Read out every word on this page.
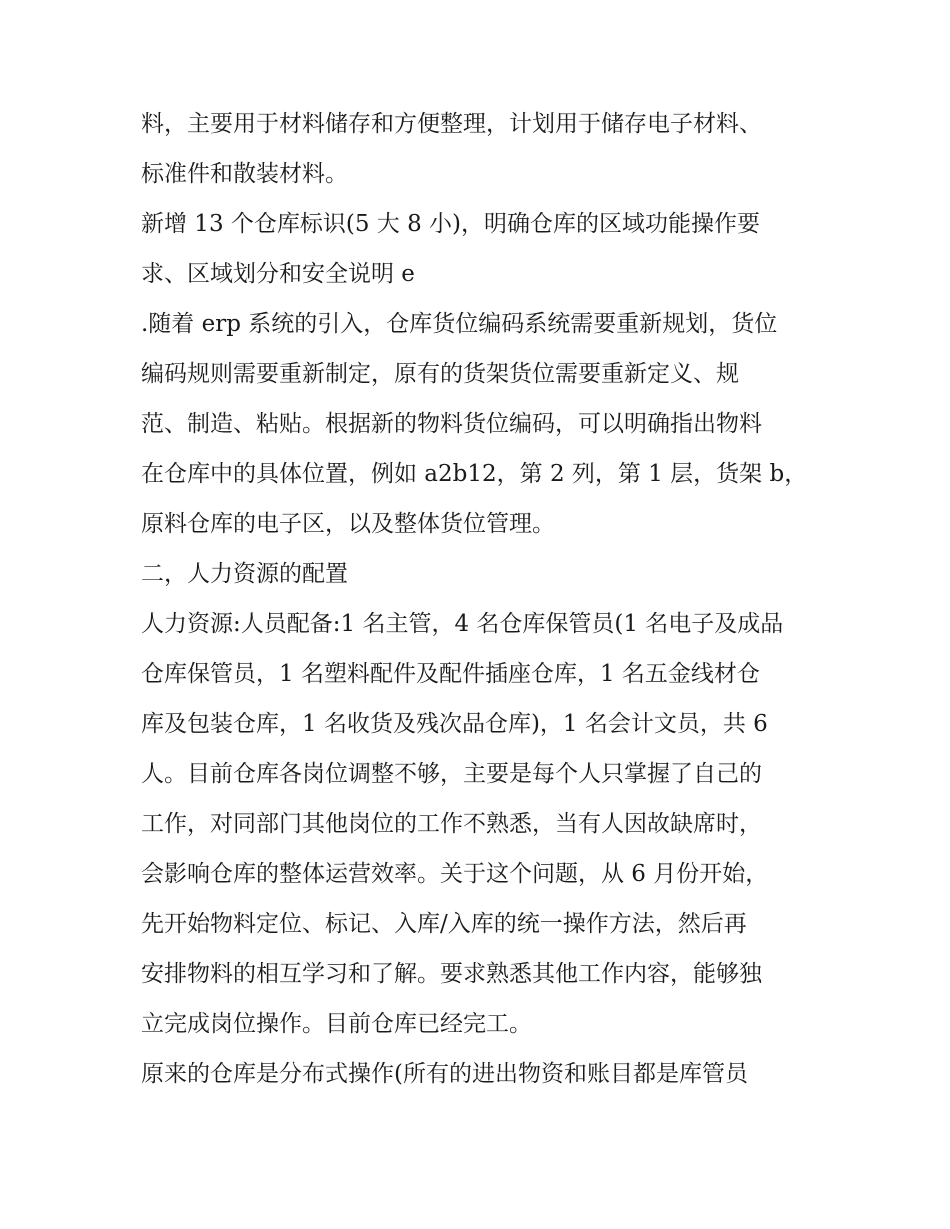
料，主要用于材料储存和方便整理，计划用于储存电子材料、
标准件和散装材料。
新增 13 个仓库标识(5 大 8 小)，明确仓库的区域功能操作要
求、区域划分和安全说明 e
.随着 erp 系统的引入，仓库货位编码系统需要重新规划，货位
编码规则需要重新制定，原有的货架货位需要重新定义、规
范、制造、粘贴。根据新的物料货位编码，可以明确指出物料
在仓库中的具体位置，例如 a2b12，第 2 列，第 1 层，货架 b，
原料仓库的电子区，以及整体货位管理。
二，人力资源的配置
人力资源:人员配备:1 名主管，4 名仓库保管员(1 名电子及成品
仓库保管员，1 名塑料配件及配件插座仓库，1 名五金线材仓
库及包装仓库，1 名收货及残次品仓库)，1 名会计文员，共 6
人。目前仓库各岗位调整不够，主要是每个人只掌握了自己的
工作，对同部门其他岗位的工作不熟悉，当有人因故缺席时，
会影响仓库的整体运营效率。关于这个问题，从 6 月份开始，
先开始物料定位、标记、入库/入库的统一操作方法，然后再
安排物料的相互学习和了解。要求熟悉其他工作内容，能够独
立完成岗位操作。目前仓库已经完工。
原来的仓库是分布式操作(所有的进出物资和账目都是库管员
